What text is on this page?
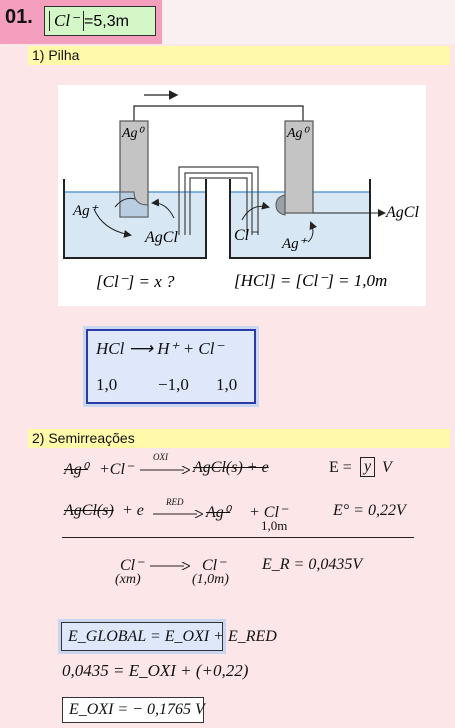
01.	Cl⁻ =5,3m
1) Pilha
Ag⁰	Ag⁰
Ag⁺
AgCl	Cl⁻ Ag⁺
AgCl
[Cl⁻] = x ?	[HCl] = [Cl⁻] = 1,0m
HCl ⟶ H⁺ + Cl⁻
1,0 −1,0 1,0
2) Semirreações
Ag⁰ +Cl⁻
OXI
AgCl(s) + e	E = y V
AgCl(s) + e RED
Ag⁰ + Cl⁻
1,0m
E° = 0,22V
Cl⁻
(xm)
Cl⁻
(1,0m)
E_R = 0,0435V
E_GLOBAL = E_OXI + E_RED
0,0435 = E_OXI + (+0,22)
E_OXI = − 0,1765 V
